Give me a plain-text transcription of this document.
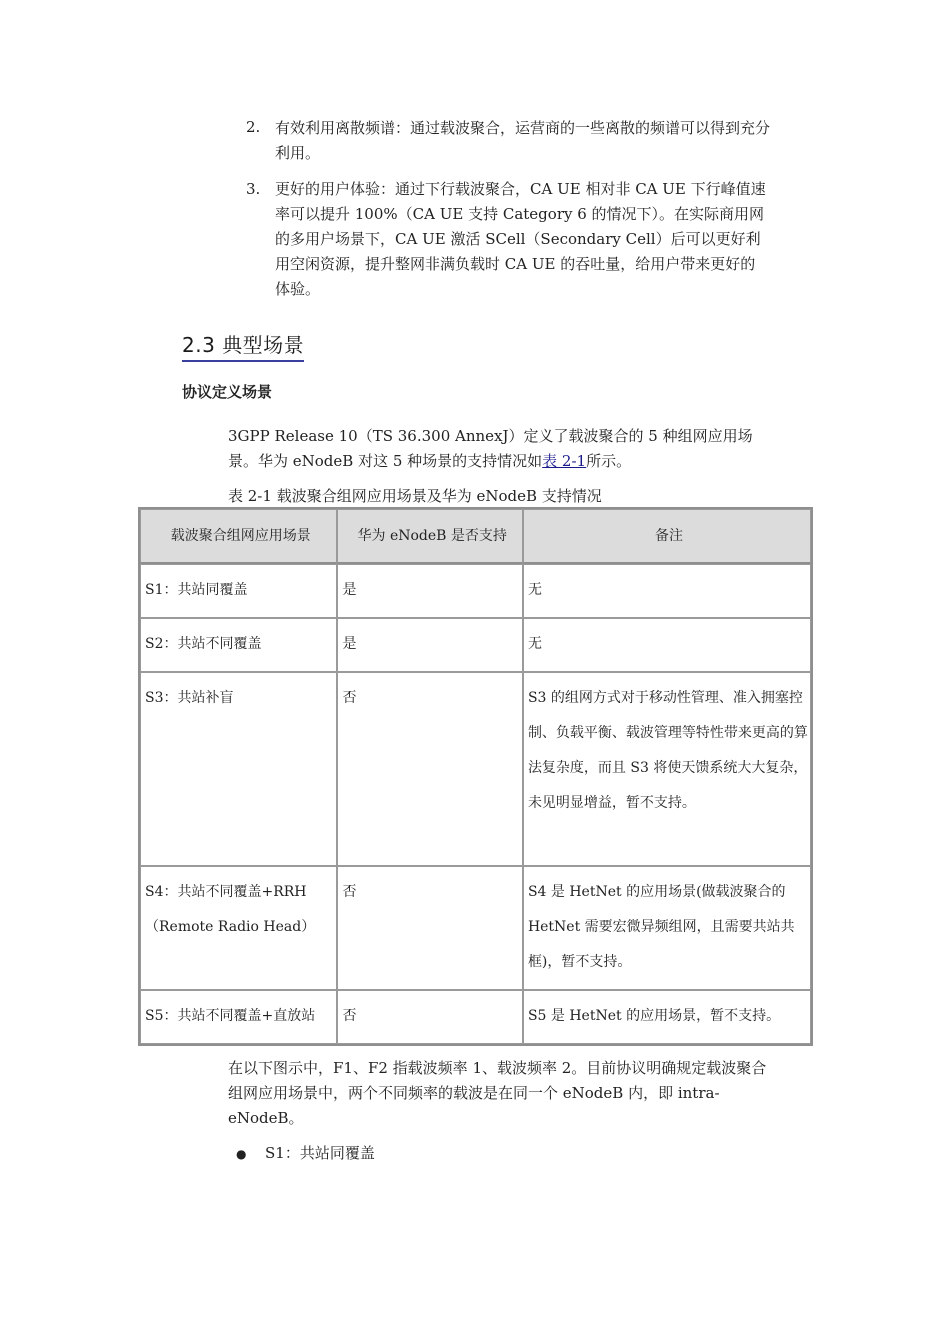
2. 有效利用离散频谱：通过载波聚合，运营商的一些离散的频谱可以得到充分利用。
3. 更好的用户体验：通过下行载波聚合，CA UE 相对非 CA UE 下行峰值速率可以提升 100%（CA UE 支持 Category 6 的情况下）。在实际商用网的多用户场景下，CA UE 激活 SCell（Secondary Cell）后可以更好利用空闲资源，提升整网非满负载时 CA UE 的吞吐量，给用户带来更好的体验。
2.3 典型场景
协议定义场景
3GPP Release 10（TS 36.300 AnnexJ）定义了载波聚合的 5 种组网应用场景。华为 eNodeB 对这 5 种场景的支持情况如表 2-1所示。
表 2-1 载波聚合组网应用场景及华为 eNodeB 支持情况
载波聚合组网应用场景	华为 eNodeB 是否支持	备注
S1：共站同覆盖	是	无
S2：共站不同覆盖	是	无
S3：共站补盲	否	S3 的组网方式对于移动性管理、准入拥塞控制、负载平衡、载波管理等特性带来更高的算法复杂度，而且 S3 将使天馈系统大大复杂，未见明显增益，暂不支持。
S4：共站不同覆盖+RRH（Remote Radio Head）	否	S4 是 HetNet 的应用场景(做载波聚合的 HetNet 需要宏微异频组网，且需要共站共框)，暂不支持。
S5：共站不同覆盖+直放站	否	S5 是 HetNet 的应用场景，暂不支持。
在以下图示中，F1、F2 指载波频率 1、载波频率 2。目前协议明确规定载波聚合组网应用场景中，两个不同频率的载波是在同一个 eNodeB 内，即 intra-eNodeB。
● S1：共站同覆盖
